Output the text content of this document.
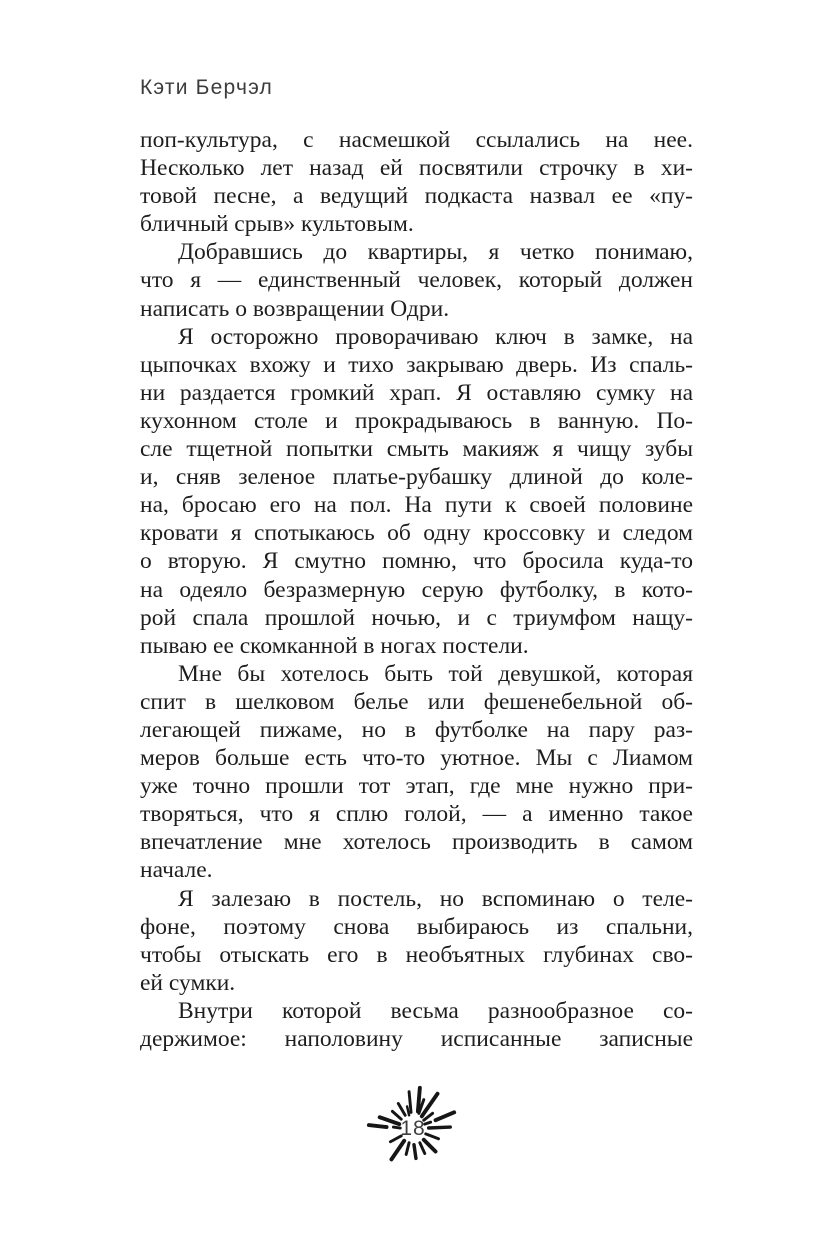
Кэти Берчэл
поп-культура, с насмешкой ссылались на нее.
Несколько лет назад ей посвятили строчку в хи-
товой песне, а ведущий подкаста назвал ее «пу-
бличный срыв» культовым.
Добравшись до квартиры, я четко понимаю,
что я — единственный человек, который должен
написать о возвращении Одри.
Я осторожно проворачиваю ключ в замке, на
цыпочках вхожу и тихо закрываю дверь. Из спаль-
ни раздается громкий храп. Я оставляю сумку на
кухонном столе и прокрадываюсь в ванную. По-
сле тщетной попытки смыть макияж я чищу зубы
и, сняв зеленое платье-рубашку длиной до коле-
на, бросаю его на пол. На пути к своей половине
кровати я спотыкаюсь об одну кроссовку и следом
о вторую. Я смутно помню, что бросила куда-то
на одеяло безразмерную серую футболку, в кото-
рой спала прошлой ночью, и с триумфом нащу-
пываю ее скомканной в ногах постели.
Мне бы хотелось быть той девушкой, которая
спит в шелковом белье или фешенебельной об-
легающей пижаме, но в футболке на пару раз-
меров больше есть что-то уютное. Мы с Лиамом
уже точно прошли тот этап, где мне нужно при-
творяться, что я сплю голой, — а именно такое
впечатление мне хотелось производить в самом
начале.
Я залезаю в постель, но вспоминаю о теле-
фоне, поэтому снова выбираюсь из спальни,
чтобы отыскать его в необъятных глубинах сво-
ей сумки.
Внутри которой весьма разнообразное со-
держимое: наполовину исписанные записные
18
